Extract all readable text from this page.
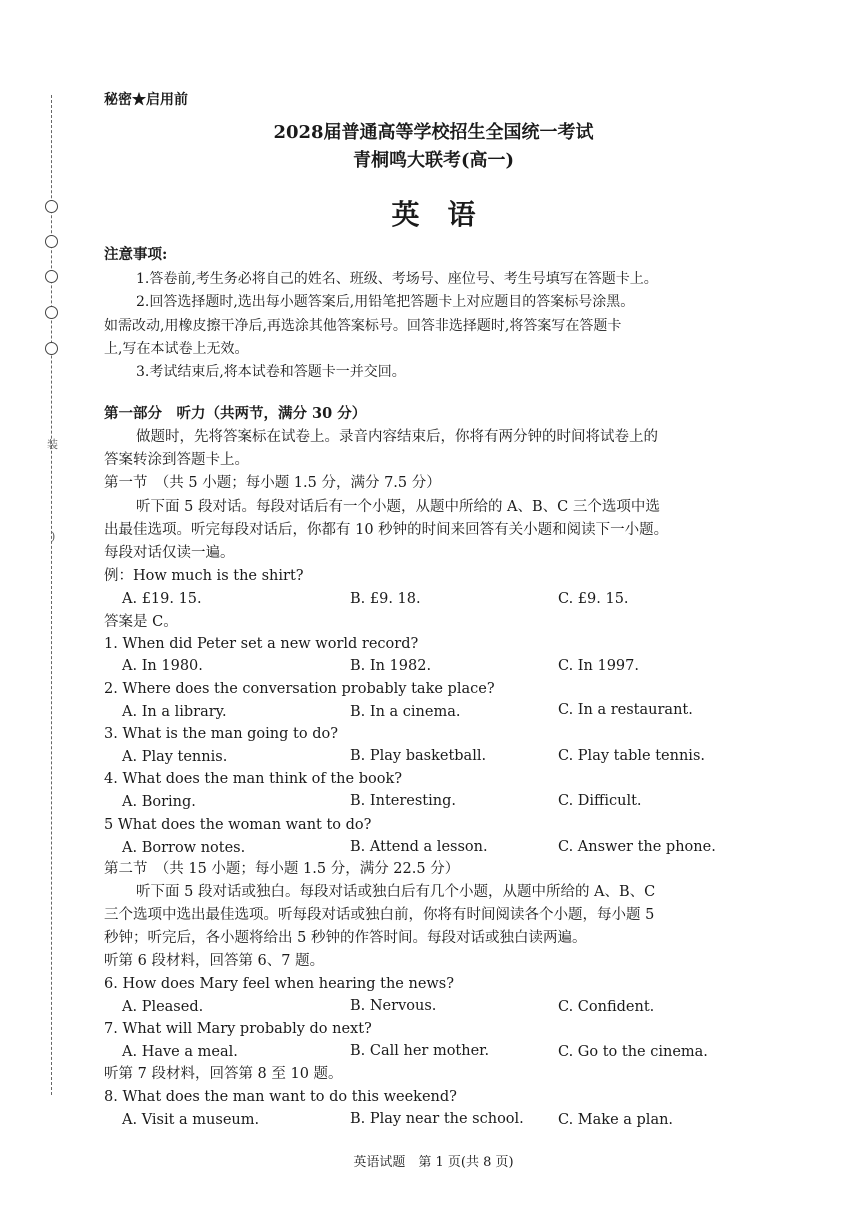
装
)
秘密★启用前
2028届普通高等学校招生全国统一考试
青桐鸣大联考(高一)
英　语
注意事项:
1.答卷前,考生务必将自己的姓名、班级、考场号、座位号、考生号填写在答题卡上。
2.回答选择题时,选出每小题答案后,用铅笔把答题卡上对应题目的答案标号涂黑。
如需改动,用橡皮擦干净后,再选涂其他答案标号。回答非选择题时,将答案写在答题卡
上,写在本试卷上无效。
3.考试结束后,将本试卷和答题卡一并交回。
第一部分　听力（共两节，满分 30 分）
做题时，先将答案标在试卷上。录音内容结束后，你将有两分钟的时间将试卷上的
答案转涂到答题卡上。
第一节　（共 5 小题；每小题 1.5 分，满分 7.5 分）
听下面 5 段对话。每段对话后有一个小题，从题中所给的 A、B、C 三个选项中选
出最佳选项。听完每段对话后，你都有 10 秒钟的时间来回答有关小题和阅读下一小题。
每段对话仅读一遍。
例：How much is the shirt?
A. £19. 15.	B. £9. 18.	C. £9. 15.
答案是 C。
1. When did Peter set a new world record?
A. In 1980.	B. In 1982.	C. In 1997.
2. Where does the conversation probably take place?
A. In a library.	B. In a cinema.	C. In a restaurant.
3. What is the man going to do?
A. Play tennis.	B. Play basketball.	C. Play table tennis.
4. What does the man think of the book?
A. Boring.	B. Interesting.	C. Difficult.
5 What does the woman want to do?
A. Borrow notes.	B. Attend a lesson.	C. Answer the phone.
第二节　（共 15 小题；每小题 1.5 分，满分 22.5 分）
听下面 5 段对话或独白。每段对话或独白后有几个小题，从题中所给的 A、B、C
三个选项中选出最佳选项。听每段对话或独白前，你将有时间阅读各个小题，每小题 5
秒钟；听完后，各小题将给出 5 秒钟的作答时间。每段对话或独白读两遍。
听第 6 段材料，回答第 6、7 题。
6. How does Mary feel when hearing the news?
A. Pleased.	B. Nervous.	C. Confident.
7. What will Mary probably do next?
A. Have a meal.	B. Call her mother.	C. Go to the cinema.
听第 7 段材料，回答第 8 至 10 题。
8. What does the man want to do this weekend?
A. Visit a museum.	B. Play near the school. C. Make a plan.
英语试题　第 1 页(共 8 页)
